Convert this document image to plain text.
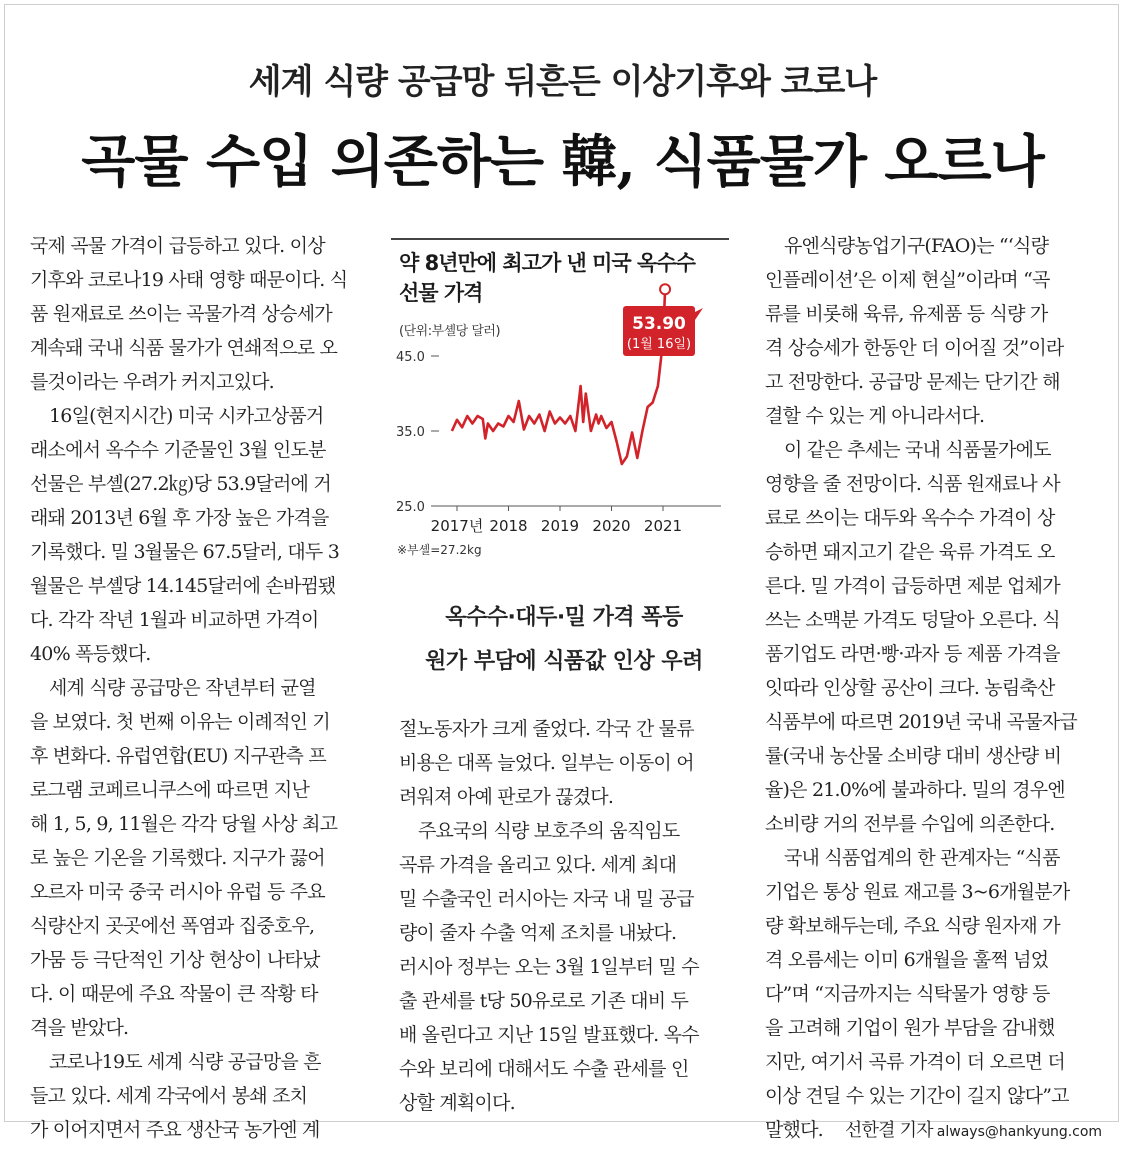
세계 식량 공급망 뒤흔든 이상기후와 코로나
곡물 수입 의존하는 韓, 식품물가 오르나
국제 곡물 가격이 급등하고 있다. 이상
기후와 코로나19 사태 영향 때문이다. 식
품 원재료로 쓰이는 곡물가격 상승세가
계속돼 국내 식품 물가가 연쇄적으로 오
를것이라는 우려가 커지고있다.
16일(현지시간) 미국 시카고상품거
래소에서 옥수수 기준물인 3월 인도분
선물은 부셸(27.2㎏)당 53.9달러에 거
래돼 2013년 6월 후 가장 높은 가격을
기록했다. 밀 3월물은 67.5달러, 대두 3
월물은 부셸당 14.145달러에 손바뀜됐
다. 각각 작년 1월과 비교하면 가격이
40% 폭등했다.
세계 식량 공급망은 작년부터 균열
을 보였다. 첫 번째 이유는 이례적인 기
후 변화다. 유럽연합(EU) 지구관측 프
로그램 코페르니쿠스에 따르면 지난
해 1, 5, 9, 11월은 각각 당월 사상 최고
로 높은 기온을 기록했다. 지구가 끓어
오르자 미국 중국 러시아 유럽 등 주요
식량산지 곳곳에선 폭염과 집중호우,
가뭄 등 극단적인 기상 현상이 나타났
다. 이 때문에 주요 작물이 큰 작황 타
격을 받았다.
코로나19도 세계 식량 공급망을 흔
들고 있다. 세계 각국에서 봉쇄 조치
가 이어지면서 주요 생산국 농가엔 계
약 8년만에 최고가 낸 미국 옥수수
선물 가격
(단위:부셸당 달러)
45.0
35.0
25.0
2017년 2018 2019 2020 2021
53.90
(1월 16일)
※부셸=27.2kg
옥수수·대두·밀 가격 폭등
원가 부담에 식품값 인상 우려
절노동자가 크게 줄었다. 각국 간 물류
비용은 대폭 늘었다. 일부는 이동이 어
려워져 아예 판로가 끊겼다.
주요국의 식량 보호주의 움직임도
곡류 가격을 올리고 있다. 세계 최대
밀 수출국인 러시아는 자국 내 밀 공급
량이 줄자 수출 억제 조치를 내놨다.
러시아 정부는 오는 3월 1일부터 밀 수
출 관세를 t당 50유로로 기존 대비 두
배 올린다고 지난 15일 발표했다. 옥수
수와 보리에 대해서도 수출 관세를 인
상할 계획이다.
유엔식량농업기구(FAO)는 “‘식량
인플레이션’은 이제 현실”이라며 “곡
류를 비롯해 육류, 유제품 등 식량 가
격 상승세가 한동안 더 이어질 것”이라
고 전망한다. 공급망 문제는 단기간 해
결할 수 있는 게 아니라서다.
이 같은 추세는 국내 식품물가에도
영향을 줄 전망이다. 식품 원재료나 사
료로 쓰이는 대두와 옥수수 가격이 상
승하면 돼지고기 같은 육류 가격도 오
른다. 밀 가격이 급등하면 제분 업체가
쓰는 소맥분 가격도 덩달아 오른다. 식
품기업도 라면·빵·과자 등 제품 가격을
잇따라 인상할 공산이 크다. 농림축산
식품부에 따르면 2019년 국내 곡물자급
률(국내 농산물 소비량 대비 생산량 비
율)은 21.0%에 불과하다. 밀의 경우엔
소비량 거의 전부를 수입에 의존한다.
국내 식품업계의 한 관계자는 “식품
기업은 통상 원료 재고를 3~6개월분가
량 확보해두는데, 주요 식량 원자재 가
격 오름세는 이미 6개월을 훌쩍 넘었
다”며 “지금까지는 식탁물가 영향 등
을 고려해 기업이 원가 부담을 감내했
지만, 여기서 곡류 가격이 더 오르면 더
이상 견딜 수 있는 기간이 길지 않다”고
말했다. 선한결 기자 always@hankyung.com
